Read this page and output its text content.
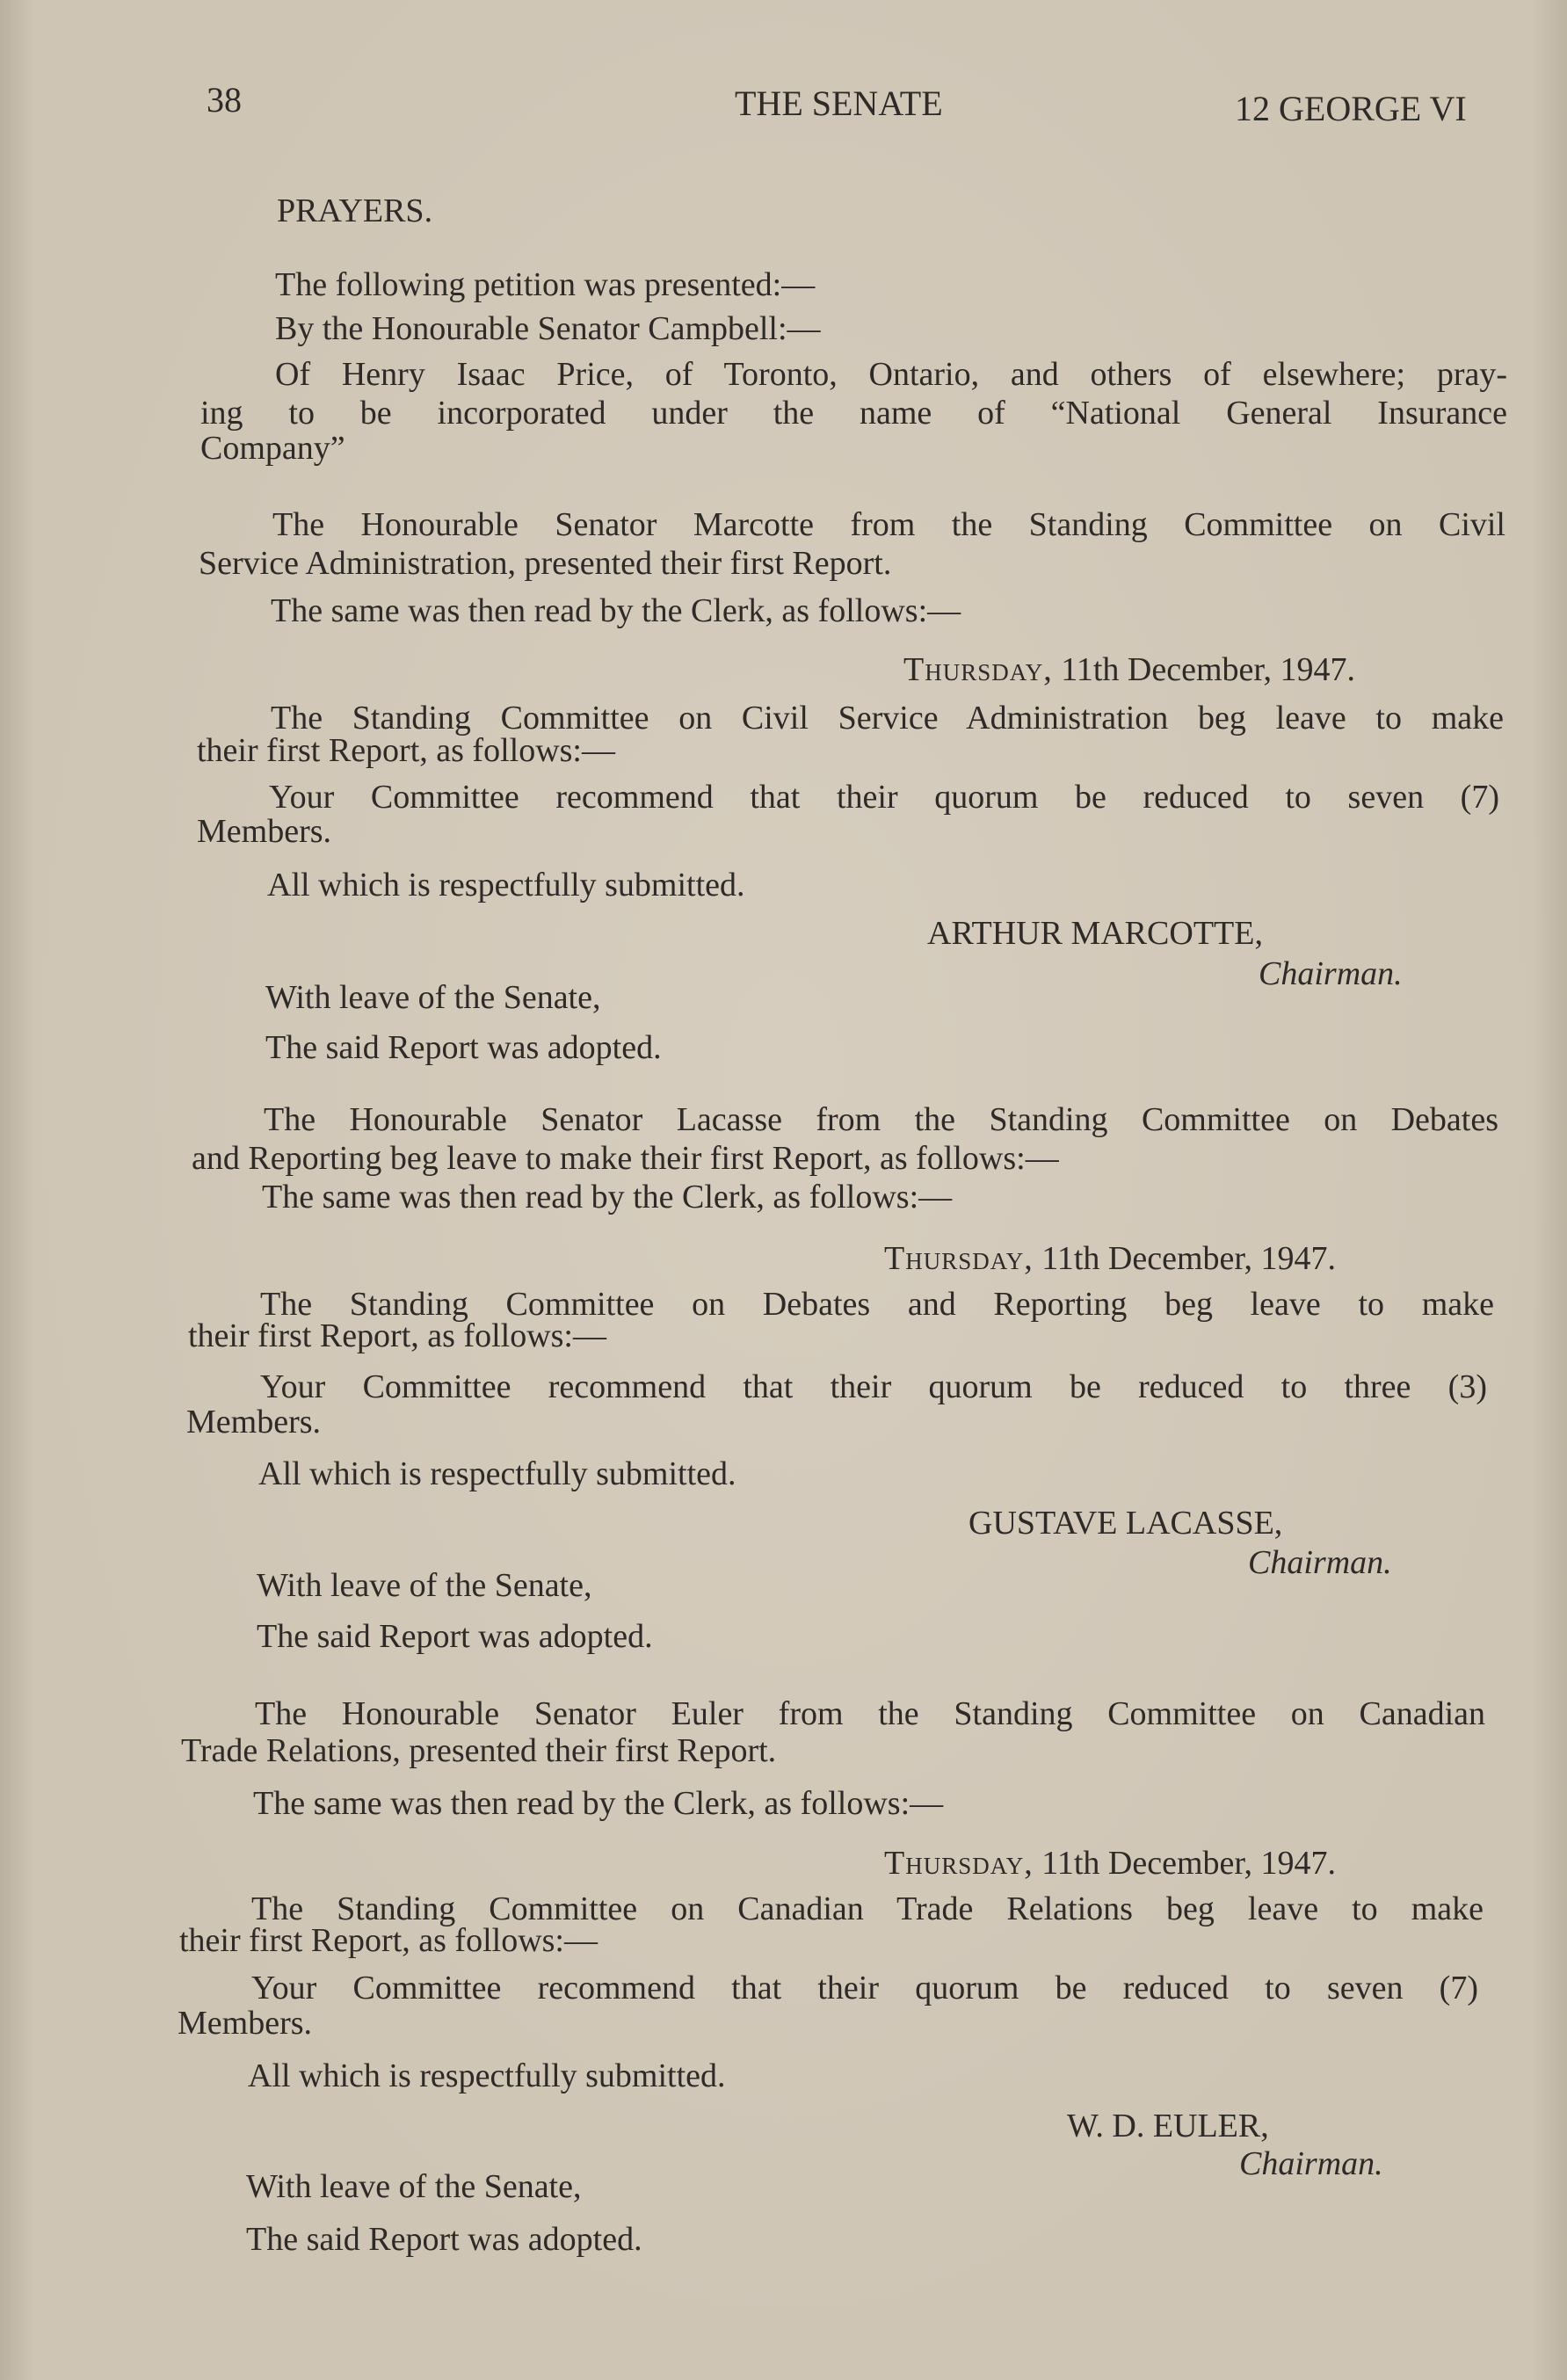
38	THE SENATE	12 GEORGE VI
PRAYERS.
The following petition was presented:—
By the Honourable Senator Campbell:—
Of Henry Isaac Price, of Toronto, Ontario, and others of elsewhere; pray-
ing to be incorporated under the name of “National General Insurance
Company”
The Honourable Senator Marcotte from the Standing Committee on Civil
Service Administration, presented their first Report.
The same was then read by the Clerk, as follows:—
Thursday, 11th December, 1947.
The Standing Committee on Civil Service Administration beg leave to make
their first Report, as follows:—
Your Committee recommend that their quorum be reduced to seven (7)
Members.
All which is respectfully submitted.
ARTHUR MARCOTTE,
Chairman.
With leave of the Senate,
The said Report was adopted.
The Honourable Senator Lacasse from the Standing Committee on Debates
and Reporting beg leave to make their first Report, as follows:—
The same was then read by the Clerk, as follows:—
Thursday, 11th December, 1947.
The Standing Committee on Debates and Reporting beg leave to make
their first Report, as follows:—
Your Committee recommend that their quorum be reduced to three (3)
Members.
All which is respectfully submitted.
GUSTAVE LACASSE,
Chairman.
With leave of the Senate,
The said Report was adopted.
The Honourable Senator Euler from the Standing Committee on Canadian
Trade Relations, presented their first Report.
The same was then read by the Clerk, as follows:—
Thursday, 11th December, 1947.
The Standing Committee on Canadian Trade Relations beg leave to make
their first Report, as follows:—
Your Committee recommend that their quorum be reduced to seven (7)
Members.
All which is respectfully submitted.
W. D. EULER,
Chairman.
With leave of the Senate,
The said Report was adopted.
